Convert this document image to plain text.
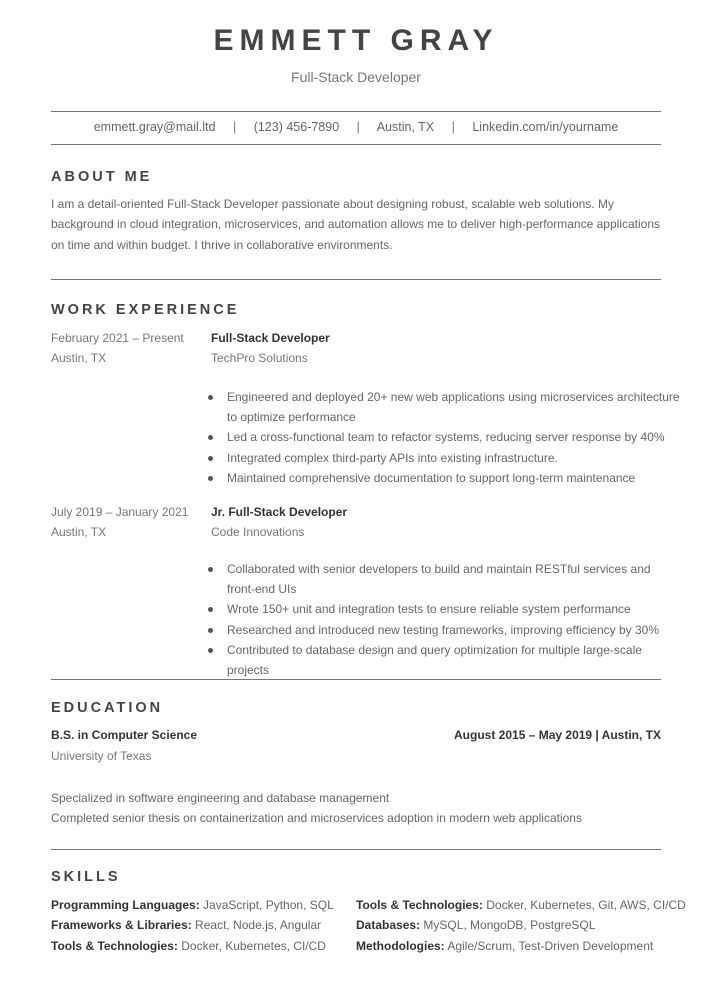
EMMETT GRAY
Full-Stack Developer
emmett.gray@mail.ltd | (123) 456-7890 | Austin, TX | Linkedin.com/in/yourname
ABOUT ME
I am a detail-oriented Full-Stack Developer passionate about designing robust, scalable web solutions. My background in cloud integration, microservices, and automation allows me to deliver high-performance applications on time and within budget. I thrive in collaborative environments.
WORK EXPERIENCE
February 2021 – Present
Austin, TX
Full-Stack Developer
TechPro Solutions
Engineered and deployed 20+ new web applications using microservices architecture to optimize performance
Led a cross-functional team to refactor systems, reducing server response by 40%
Integrated complex third-party APIs into existing infrastructure.
Maintained comprehensive documentation to support long-term maintenance
July 2019 – January 2021
Austin, TX
Jr. Full-Stack Developer
Code Innovations
Collaborated with senior developers to build and maintain RESTful services and front-end UIs
Wrote 150+ unit and integration tests to ensure reliable system performance
Researched and introduced new testing frameworks, improving efficiency by 30%
Contributed to database design and query optimization for multiple large-scale projects
EDUCATION
B.S. in Computer Science	August 2015 – May 2019 | Austin, TX
University of Texas
Specialized in software engineering and database management
Completed senior thesis on containerization and microservices adoption in modern web applications
SKILLS
Programming Languages: JavaScript, Python, SQL
Frameworks & Libraries: React, Node.js, Angular
Tools & Technologies: Docker, Kubernetes, CI/CD
Tools & Technologies: Docker, Kubernetes, Git, AWS, CI/CD
Databases: MySQL, MongoDB, PostgreSQL
Methodologies: Agile/Scrum, Test-Driven Development
